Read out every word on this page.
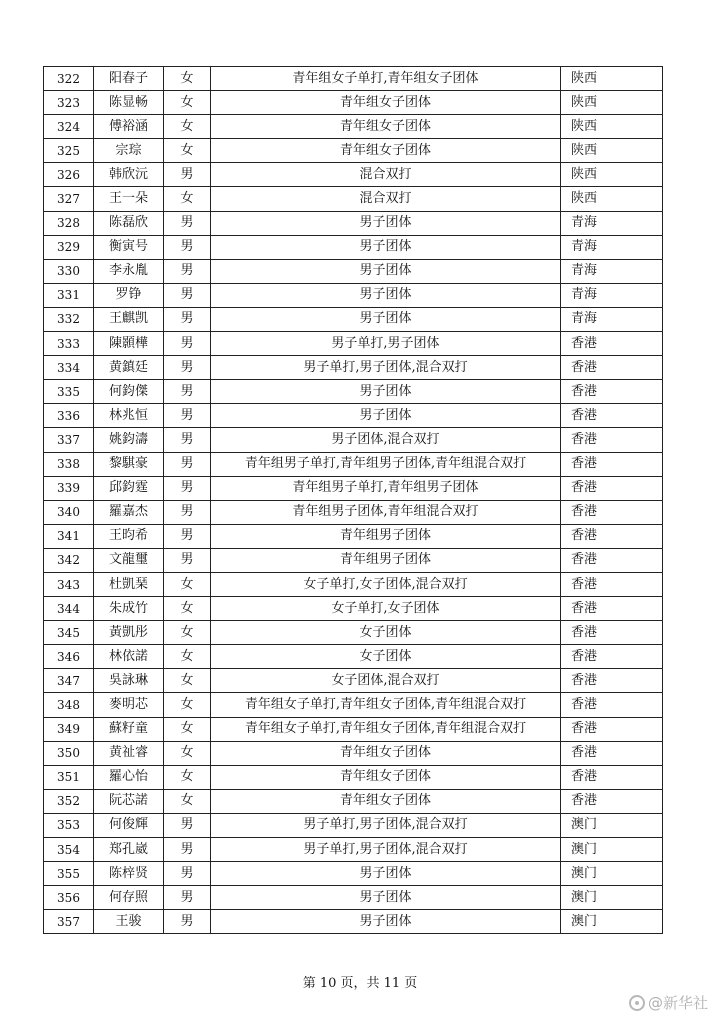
322	阳春子	女	青年组女子单打,青年组女子团体	陕西
323	陈显畅	女	青年组女子团体	陕西
324	傅裕涵	女	青年组女子团体	陕西
325	宗琮	女	青年组女子团体	陕西
326	韩欣沅	男	混合双打	陕西
327	王一朵	女	混合双打	陕西
328	陈磊欣	男	男子团体	青海
329	衡寅号	男	男子团体	青海
330	李永胤	男	男子团体	青海
331	罗铮	男	男子团体	青海
332	王麒凯	男	男子团体	青海
333	陳顥樺	男	男子单打,男子团体	香港
334	黄鎮廷	男	男子单打,男子团体,混合双打	香港
335	何鈞傑	男	男子团体	香港
336	林兆恒	男	男子团体	香港
337	姚鈞濤	男	男子团体,混合双打	香港
338	黎騏豪	男	青年组男子单打,青年组男子团体,青年组混合双打	香港
339	邱鈞霆	男	青年组男子单打,青年组男子团体	香港
340	羅嘉杰	男	青年组男子团体,青年组混合双打	香港
341	王昀希	男	青年组男子团体	香港
342	文龍璽	男	青年组男子团体	香港
343	杜凱琹	女	女子单打,女子团体,混合双打	香港
344	朱成竹	女	女子单打,女子团体	香港
345	黃凱彤	女	女子团体	香港
346	林依諾	女	女子团体	香港
347	吳詠琳	女	女子团体,混合双打	香港
348	麥明芯	女	青年组女子单打,青年组女子团体,青年组混合双打	香港
349	蘇籽童	女	青年组女子单打,青年组女子团体,青年组混合双打	香港
350	黄祉睿	女	青年组女子团体	香港
351	羅心怡	女	青年组女子团体	香港
352	阮芯諾	女	青年组女子团体	香港
353	何俊輝	男	男子单打,男子团体,混合双打	澳门
354	郑孔崴	男	男子单打,男子团体,混合双打	澳门
355	陈梓贤	男	男子团体	澳门
356	何存照	男	男子团体	澳门
357	王骏	男	男子团体	澳门
第 10 页，共 11 页
@新华社
